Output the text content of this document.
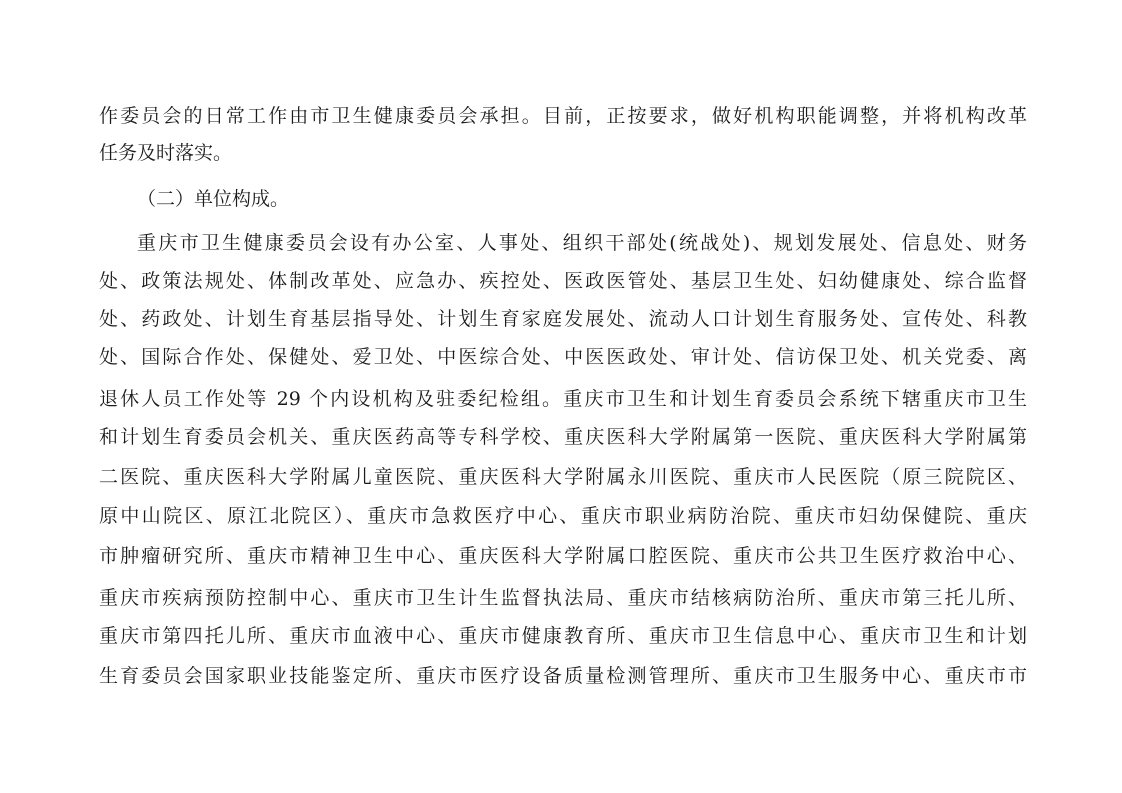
作委员会的日常工作由市卫生健康委员会承担。目前，正按要求，做好机构职能调整，并将机构改革
任务及时落实。
（二）单位构成。
重庆市卫生健康委员会设有办公室、人事处、组织干部处(统战处)、规划发展处、信息处、财务
处、政策法规处、体制改革处、应急办、疾控处、医政医管处、基层卫生处、妇幼健康处、综合监督
处、药政处、计划生育基层指导处、计划生育家庭发展处、流动人口计划生育服务处、宣传处、科教
处、国际合作处、保健处、爱卫处、中医综合处、中医医政处、审计处、信访保卫处、机关党委、离
退休人员工作处等 29 个内设机构及驻委纪检组。重庆市卫生和计划生育委员会系统下辖重庆市卫生
和计划生育委员会机关、重庆医药高等专科学校、重庆医科大学附属第一医院、重庆医科大学附属第
二医院、重庆医科大学附属儿童医院、重庆医科大学附属永川医院、重庆市人民医院（原三院院区、
原中山院区、原江北院区）、重庆市急救医疗中心、重庆市职业病防治院、重庆市妇幼保健院、重庆
市肿瘤研究所、重庆市精神卫生中心、重庆医科大学附属口腔医院、重庆市公共卫生医疗救治中心、
重庆市疾病预防控制中心、重庆市卫生计生监督执法局、重庆市结核病防治所、重庆市第三托儿所、
重庆市第四托儿所、重庆市血液中心、重庆市健康教育所、重庆市卫生信息中心、重庆市卫生和计划
生育委员会国家职业技能鉴定所、重庆市医疗设备质量检测管理所、重庆市卫生服务中心、重庆市市
